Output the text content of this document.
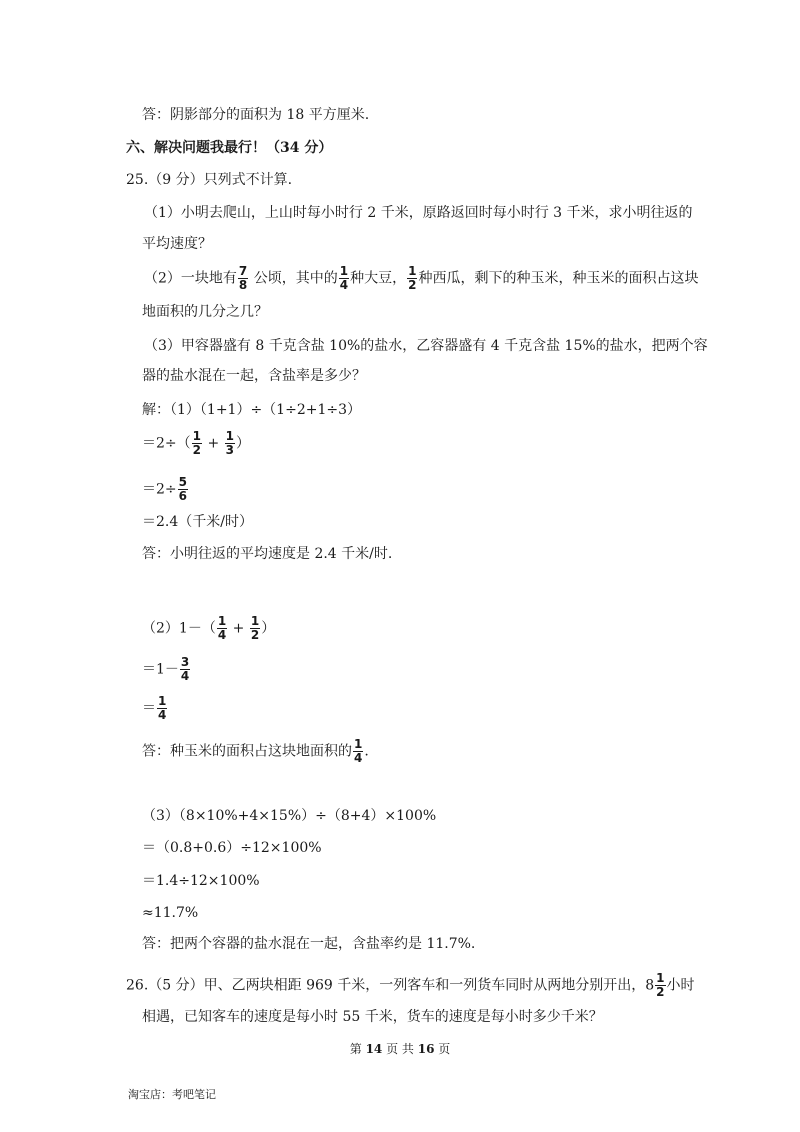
答：阴影部分的面积为 18 平方厘米.
六、解决问题我最行！（34 分）
25.（9 分）只列式不计算.
（1）小明去爬山，上山时每小时行 2 千米，原路返回时每小时行 3 千米，求小明往返的
平均速度？
（2）一块地有 $\frac{7}{8}$ 公顷，其中的 $\frac{1}{4}$ 种大豆， $\frac{1}{2}$ 种西瓜，剩下的种玉米，种玉米的面积占这块
地面积的几分之几？
（3）甲容器盛有 8 千克含盐 10%的盐水，乙容器盛有 4 千克含盐 15%的盐水，把两个容
器的盐水混在一起，含盐率是多少？
解：（1）（1+1）÷（1÷2+1÷3）
$=2\div( \frac{1}{2} + \frac{1}{3}$ ）
$=2\div \frac{5}{6}$
＝2.4（千米/时）
答：小明往返的平均速度是 2.4 千米/时.
$(2)1-( \frac{1}{4} + \frac{1}{2}$ ）
$=1- \frac{3}{4}$
＝ $\frac{1}{4}$
答：种玉米的面积占这块地面积的 $\frac{1}{4}$ .
（3）（8×10%+4×15%）÷（8+4）×100%
＝（0.8+0.6）÷12×100%
＝1.4÷12×100%
≈11.7%
答：把两个容器的盐水混在一起，含盐率约是 11.7%.
26.（5 分）甲、乙两块相距 969 千米，一列客车和一列货车同时从两地分别开出，$8 \frac{1}{2}$ 小时
相遇，已知客车的速度是每小时 55 千米，货车的速度是每小时多少千米？
第 14 页 共 16 页
淘宝店：考吧笔记
